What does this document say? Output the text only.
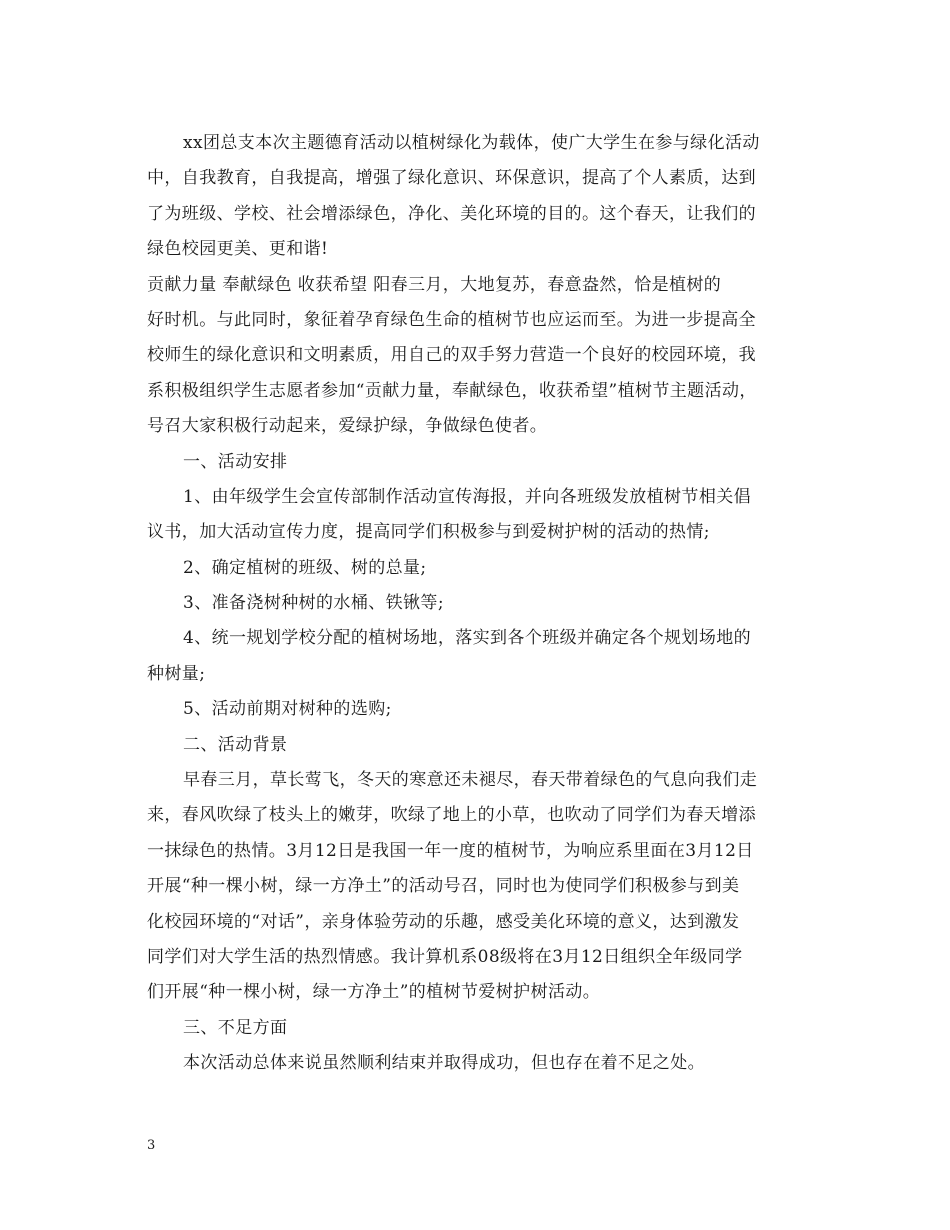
xx团总支本次主题德育活动以植树绿化为载体，使广大学生在参与绿化活动
中，自我教育，自我提高，增强了绿化意识、环保意识，提高了个人素质，达到
了为班级、学校、社会增添绿色，净化、美化环境的目的。这个春天，让我们的
绿色校园更美、更和谐!
贡献力量 奉献绿色 收获希望 阳春三月，大地复苏，春意盎然，恰是植树的
好时机。与此同时，象征着孕育绿色生命的植树节也应运而至。为进一步提高全
校师生的绿化意识和文明素质，用自己的双手努力营造一个良好的校园环境，我
系积极组织学生志愿者参加“贡献力量，奉献绿色，收获希望”植树节主题活动，
号召大家积极行动起来，爱绿护绿，争做绿色使者。
一、活动安排
1、由年级学生会宣传部制作活动宣传海报，并向各班级发放植树节相关倡
议书，加大活动宣传力度，提高同学们积极参与到爱树护树的活动的热情;
2、确定植树的班级、树的总量;
3、准备浇树种树的水桶、铁锹等;
4、统一规划学校分配的植树场地，落实到各个班级并确定各个规划场地的
种树量;
5、活动前期对树种的选购;
二、活动背景
早春三月，草长莺飞，冬天的寒意还未褪尽，春天带着绿色的气息向我们走
来，春风吹绿了枝头上的嫩芽，吹绿了地上的小草，也吹动了同学们为春天增添
一抹绿色的热情。3月12日是我国一年一度的植树节，为响应系里面在3月12日
开展“种一棵小树，绿一方净土”的活动号召，同时也为使同学们积极参与到美
化校园环境的“对话”，亲身体验劳动的乐趣，感受美化环境的意义，达到激发
同学们对大学生活的热烈情感。我计算机系08级将在3月12日组织全年级同学
们开展“种一棵小树，绿一方净土”的植树节爱树护树活动。
三、不足方面
本次活动总体来说虽然顺利结束并取得成功，但也存在着不足之处。
3
